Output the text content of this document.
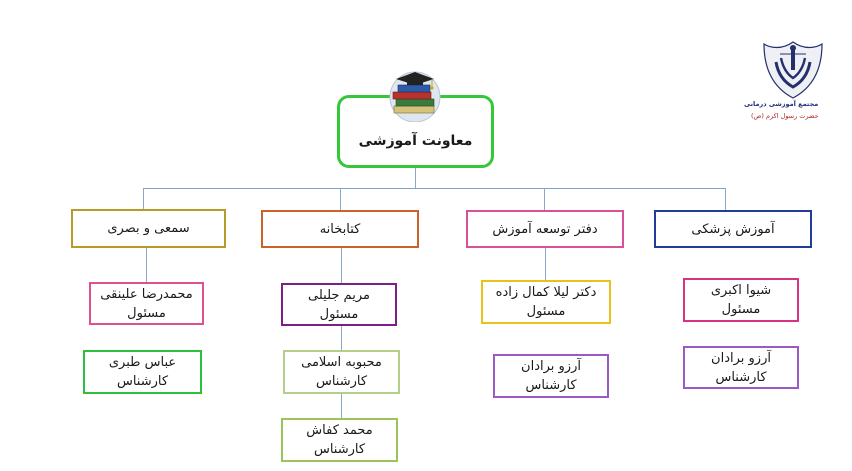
مجتمع آموزشی درمانی
حضرت رسول اکرم (ص)
معاونت آموزشی
سمعی و بصری	کتابخانه	دفتر توسعه آموزش	آموزش پزشکی
محمدرضا علینقی
مسئول
عباس طبری
کارشناس
مریم جلیلی
مسئول
محبوبه اسلامی
کارشناس
محمد کفاش
کارشناس
دکتر لیلا کمال زاده
مسئول
آرزو برادان
کارشناس
شیوا اکبری
مسئول
آرزو برادان
کارشناس
